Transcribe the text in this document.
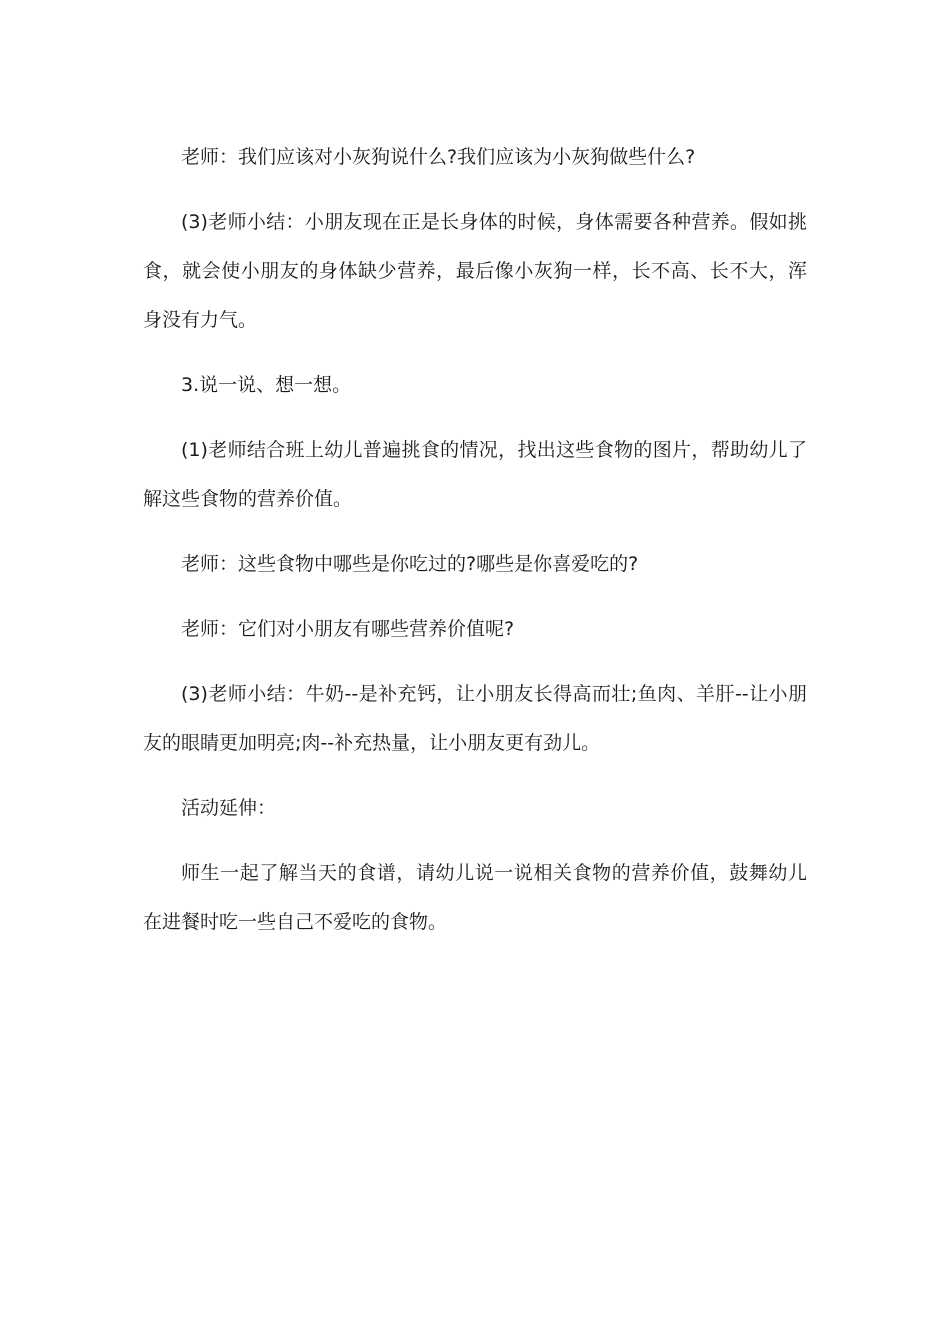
老师：我们应该对小灰狗说什么?我们应该为小灰狗做些什么?

(3)老师小结：小朋友现在正是长身体的时候，身体需要各种营养。假如挑食，就会使小朋友的身体缺少营养，最后像小灰狗一样，长不高、长不大，浑身没有力气。

3.说一说、想一想。

(1)老师结合班上幼儿普遍挑食的情况，找出这些食物的图片，帮助幼儿了解这些食物的营养价值。

老师：这些食物中哪些是你吃过的?哪些是你喜爱吃的?

老师：它们对小朋友有哪些营养价值呢?

(3)老师小结：牛奶--是补充钙，让小朋友长得高而壮;鱼肉、羊肝--让小朋友的眼睛更加明亮;肉--补充热量，让小朋友更有劲儿。

活动延伸：

师生一起了解当天的食谱，请幼儿说一说相关食物的营养价值，鼓舞幼儿在进餐时吃一些自己不爱吃的食物。
